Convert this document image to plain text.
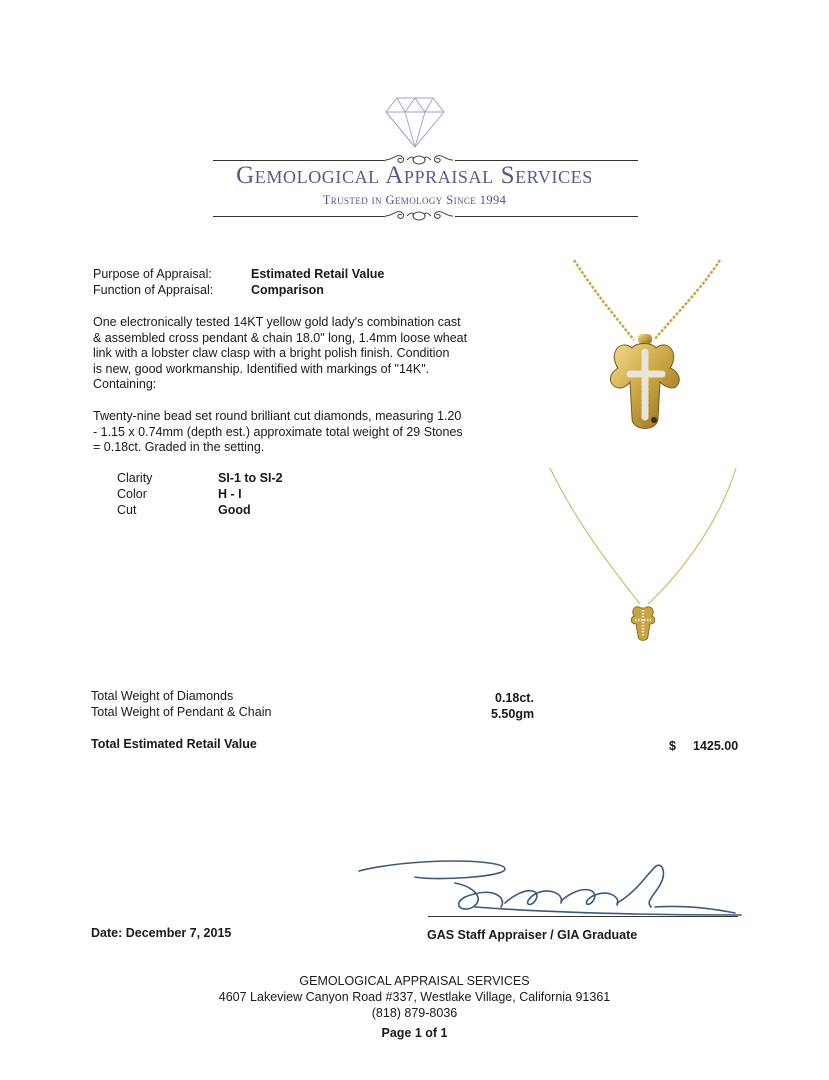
Gemological Appraisal Services
Trusted in Gemology Since 1994
Purpose of Appraisal:	Estimated Retail Value
Function of Appraisal:	Comparison
One electronically tested 14KT yellow gold lady's combination cast
& assembled cross pendant & chain 18.0" long, 1.4mm loose wheat
link with a lobster claw clasp with a bright polish finish. Condition
is new, good workmanship. Identified with markings of "14K".
Containing:
Twenty-nine bead set round brilliant cut diamonds, measuring 1.20
- 1.15 x 0.74mm (depth est.) approximate total weight of 29 Stones
= 0.18ct. Graded in the setting.
Clarity	SI-1 to SI-2
Color	H - I
Cut	Good
Total Weight of Diamonds	0.18ct.
Total Weight of Pendant & Chain	5.50gm
Total Estimated Retail Value	$ 1425.00
Date: December 7, 2015	GAS Staff Appraiser / GIA Graduate
GEMOLOGICAL APPRAISAL SERVICES
4607 Lakeview Canyon Road #337, Westlake Village, California 91361
(818) 879-8036
Page 1 of 1
